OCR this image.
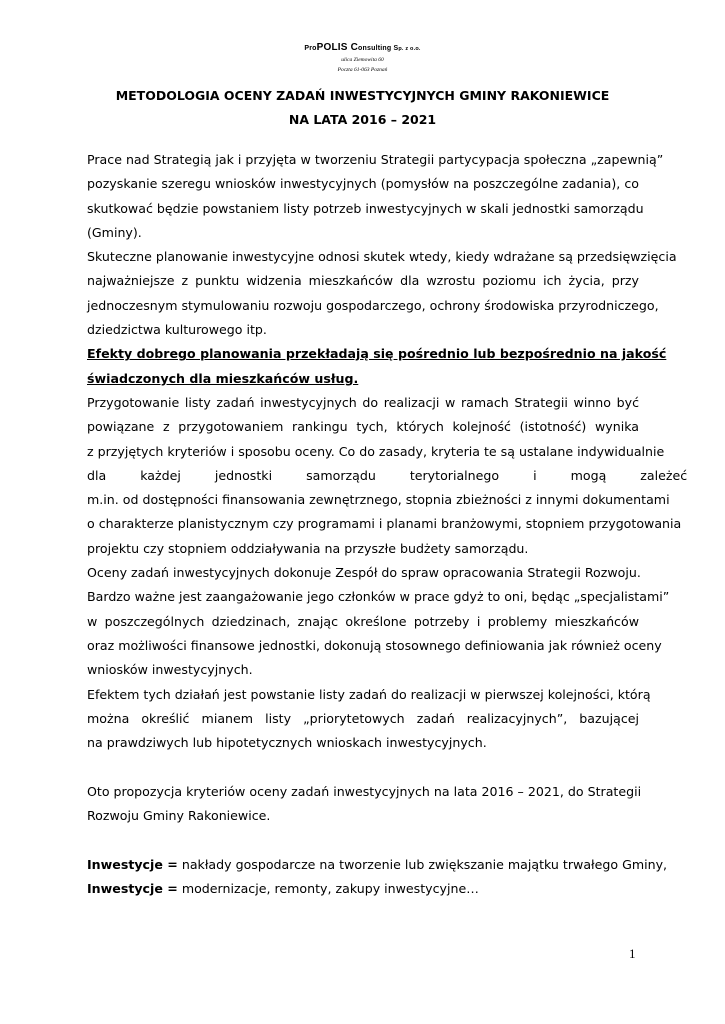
ProPOLIS Consulting Sp. z o.o.
ulica Ziemowita 60
Poczta 61-063 Poznań
METODOLOGIA OCENY ZADAŃ INWESTYCYJNYCH GMINY RAKONIEWICE
NA LATA 2016 – 2021
Prace nad Strategią jak i przyjęta w tworzeniu Strategii partycypacja społeczna „zapewnią”
pozyskanie szeregu wniosków inwestycyjnych (pomysłów na poszczególne zadania), co
skutkować będzie powstaniem listy potrzeb inwestycyjnych w skali jednostki samorządu
(Gminy).
Skuteczne planowanie inwestycyjne odnosi skutek wtedy, kiedy wdrażane są przedsięwzięcia
najważniejsze z punktu widzenia mieszkańców dla wzrostu poziomu ich życia, przy
jednoczesnym stymulowaniu rozwoju gospodarczego, ochrony środowiska przyrodniczego,
dziedzictwa kulturowego itp.
Efekty dobrego planowania przekładają się pośrednio lub bezpośrednio na jakość
świadczonych dla mieszkańców usług.
Przygotowanie listy zadań inwestycyjnych do realizacji w ramach Strategii winno być
powiązane z przygotowaniem rankingu tych, których kolejność (istotność) wynika
z przyjętych kryteriów i sposobu oceny. Co do zasady, kryteria te są ustalane indywidualnie
dla każdej jednostki samorządu terytorialnego i mogą zależeć
m.in. od dostępności finansowania zewnętrznego, stopnia zbieżności z innymi dokumentami
o charakterze planistycznym czy programami i planami branżowymi, stopniem przygotowania
projektu czy stopniem oddziaływania na przyszłe budżety samorządu.
Oceny zadań inwestycyjnych dokonuje Zespół do spraw opracowania Strategii Rozwoju.
Bardzo ważne jest zaangażowanie jego członków w prace gdyż to oni, będąc „specjalistami”
w poszczególnych dziedzinach, znając określone potrzeby i problemy mieszkańców
oraz możliwości finansowe jednostki, dokonują stosownego definiowania jak również oceny
wniosków inwestycyjnych.
Efektem tych działań jest powstanie listy zadań do realizacji w pierwszej kolejności, którą
można określić mianem listy „priorytetowych zadań realizacyjnych”, bazującej
na prawdziwych lub hipotetycznych wnioskach inwestycyjnych.
Oto propozycja kryteriów oceny zadań inwestycyjnych na lata 2016 – 2021, do Strategii
Rozwoju Gminy Rakoniewice.
Inwestycje = nakłady gospodarcze na tworzenie lub zwiększanie majątku trwałego Gminy,
Inwestycje = modernizacje, remonty, zakupy inwestycyjne…
1
